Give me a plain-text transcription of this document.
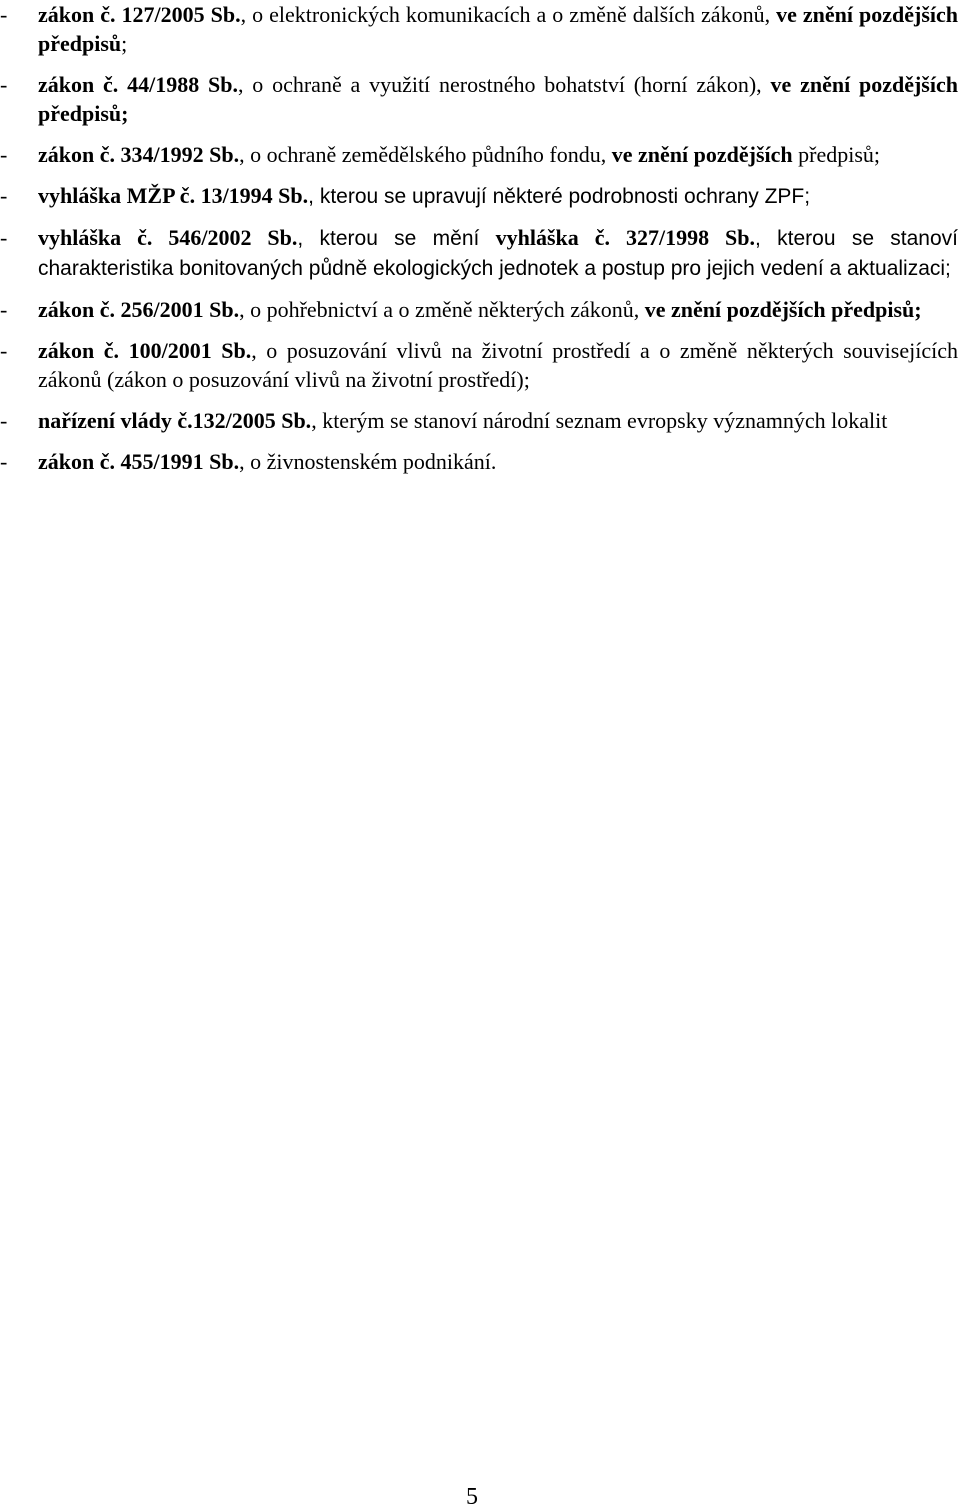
- zákon č. 127/2005 Sb., o elektronických komunikacích a o změně dalších zákonů, ve znění pozdějších předpisů;
- zákon č. 44/1988 Sb., o ochraně a využití nerostného bohatství (horní zákon), ve znění pozdějších předpisů;
- zákon č. 334/1992 Sb., o ochraně zemědělského půdního fondu, ve znění pozdějších předpisů;
- vyhláška MŽP č. 13/1994 Sb., kterou se upravují některé podrobnosti ochrany ZPF;
- vyhláška č. 546/2002 Sb., kterou se mění vyhláška č. 327/1998 Sb., kterou se stanoví charakteristika bonitovaných půdně ekologických jednotek a postup pro jejich vedení a aktualizaci;
- zákon č. 256/2001 Sb., o pohřebnictví a o změně některých zákonů, ve znění pozdějších předpisů;
- zákon č. 100/2001 Sb., o posuzování vlivů na životní prostředí a o změně některých souvisejících zákonů (zákon o posuzování vlivů na životní prostředí);
- nařízení vlády č.132/2005 Sb., kterým se stanoví národní seznam evropsky významných lokalit
- zákon č. 455/1991 Sb., o živnostenském podnikání.
5
